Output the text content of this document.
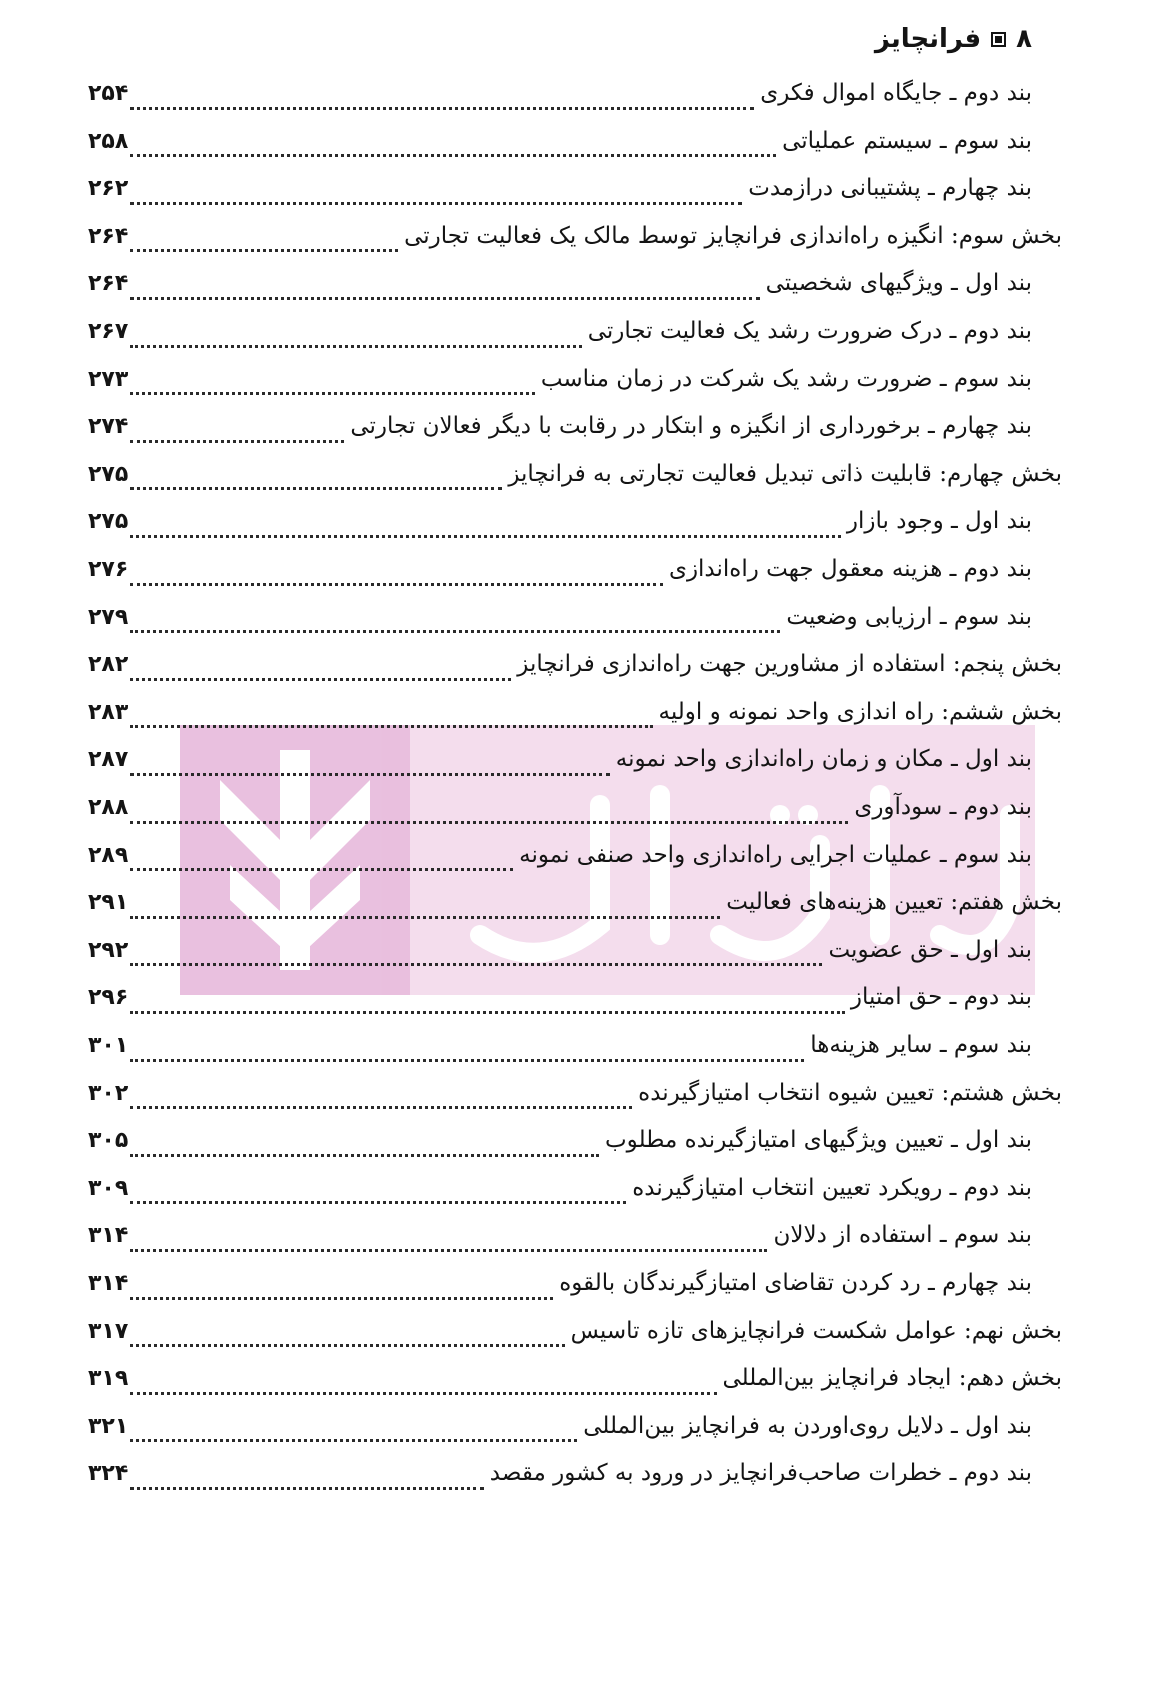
۸
فرانچایز
بند دوم ـ جایگاه اموال فکری
۲۵۴
بند سوم ـ سیستم عملیاتی
۲۵۸
بند چهارم ـ پشتیبانی درازمدت
۲۶۲
بخش سوم: انگیزه راه‌اندازی فرانچایز توسط مالک یک فعالیت تجارتی
۲۶۴
بند اول ـ ویژگیهای شخصیتی
۲۶۴
بند دوم ـ درک ضرورت رشد یک فعالیت تجارتی
۲۶۷
بند سوم ـ ضرورت رشد یک شرکت در زمان مناسب
۲۷۳
بند چهارم ـ برخورداری از انگیزه و ابتکار در رقابت با دیگر فعالان تجارتی
۲۷۴
بخش چهارم: قابلیت ذاتی تبدیل فعالیت تجارتی به فرانچایز
۲۷۵
بند اول ـ وجود بازار
۲۷۵
بند دوم ـ هزینه معقول جهت راه‌اندازی
۲۷۶
بند سوم ـ ارزیابی وضعیت
۲۷۹
بخش پنجم: استفاده از مشاورین جهت راه‌اندازی فرانچایز
۲۸۲
بخش ششم: راه اندازی واحد نمونه و اولیه
۲۸۳
بند اول ـ مکان و زمان راه‌اندازی واحد نمونه
۲۸۷
بند دوم ـ سودآوری
۲۸۸
بند سوم ـ عملیات اجرایی راه‌اندازی واحد صنفی نمونه
۲۸۹
بخش هفتم: تعیین هزینه‌های فعالیت
۲۹۱
بند اول ـ حق عضویت
۲۹۲
بند دوم ـ حق امتیاز
۲۹۶
بند سوم ـ سایر هزینه‌ها
۳۰۱
بخش هشتم: تعیین شیوه انتخاب امتیازگیرنده
۳۰۲
بند اول ـ تعیین ویژگیهای امتیازگیرنده مطلوب
۳۰۵
بند دوم ـ رویکرد تعیین انتخاب امتیازگیرنده
۳۰۹
بند سوم ـ استفاده از دلالان
۳۱۴
بند چهارم ـ رد کردن تقاضای امتیازگیرندگان بالقوه
۳۱۴
بخش نهم: عوامل شکست فرانچایزهای تازه تاسیس
۳۱۷
بخش دهم: ایجاد فرانچایز بین‌المللی
۳۱۹
بند اول ـ دلایل روی‌اوردن به فرانچایز بین‌المللی
۳۲۱
بند دوم ـ خطرات صاحب‌فرانچایز در ورود به کشور مقصد
۳۲۴
